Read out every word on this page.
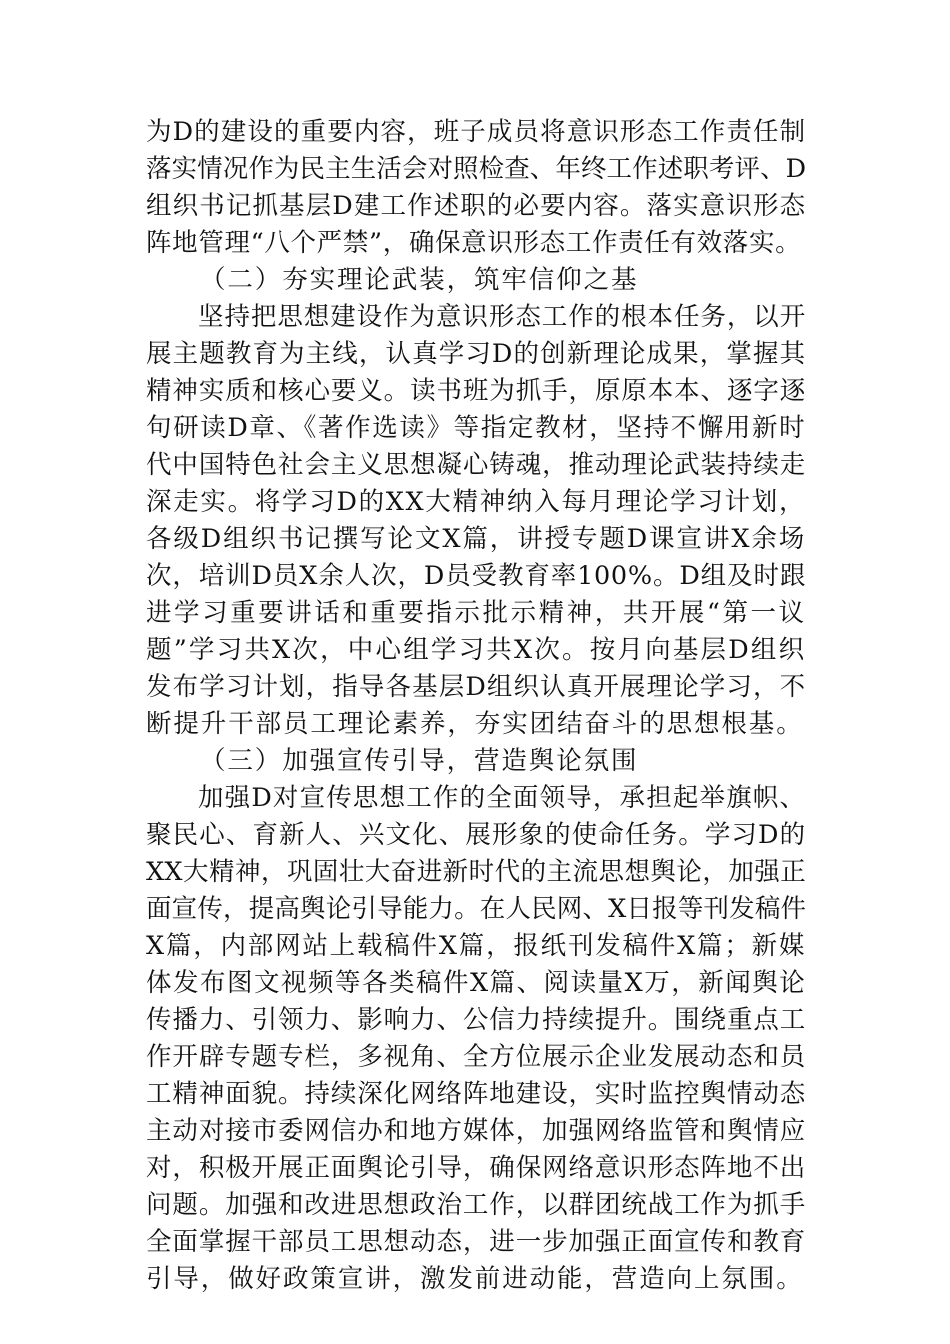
为D的建设的重要内容，班子成员将意识形态工作责任制
落实情况作为民主生活会对照检查、年终工作述职考评、D
组织书记抓基层D建工作述职的必要内容。落实意识形态
阵地管理“八个严禁”，确保意识形态工作责任有效落实。
（二）夯实理论武装，筑牢信仰之基
坚持把思想建设作为意识形态工作的根本任务，以开
展主题教育为主线，认真学习D的创新理论成果，掌握其
精神实质和核心要义。读书班为抓手，原原本本、逐字逐
句研读D章、《著作选读》等指定教材，坚持不懈用新时
代中国特色社会主义思想凝心铸魂，推动理论武装持续走
深走实。将学习D的XX大精神纳入每月理论学习计划，
各级D组织书记撰写论文X篇，讲授专题D课宣讲X余场
次，培训D员X余人次，D员受教育率100%。D组及时跟
进学习重要讲话和重要指示批示精神，共开展“第一议
题”学习共X次，中心组学习共X次。按月向基层D组织
发布学习计划，指导各基层D组织认真开展理论学习，不
断提升干部员工理论素养，夯实团结奋斗的思想根基。
（三）加强宣传引导，营造舆论氛围
加强D对宣传思想工作的全面领导，承担起举旗帜、
聚民心、育新人、兴文化、展形象的使命任务。学习D的
XX大精神，巩固壮大奋进新时代的主流思想舆论，加强正
面宣传，提高舆论引导能力。在人民网、X日报等刊发稿件
X篇，内部网站上载稿件X篇，报纸刊发稿件X篇；新媒
体发布图文视频等各类稿件X篇、阅读量X万，新闻舆论
传播力、引领力、影响力、公信力持续提升。围绕重点工
作开辟专题专栏，多视角、全方位展示企业发展动态和员
工精神面貌。持续深化网络阵地建设，实时监控舆情动态
主动对接市委网信办和地方媒体，加强网络监管和舆情应
对，积极开展正面舆论引导，确保网络意识形态阵地不出
问题。加强和改进思想政治工作，以群团统战工作为抓手
全面掌握干部员工思想动态，进一步加强正面宣传和教育
引导，做好政策宣讲，激发前进动能，营造向上氛围。
